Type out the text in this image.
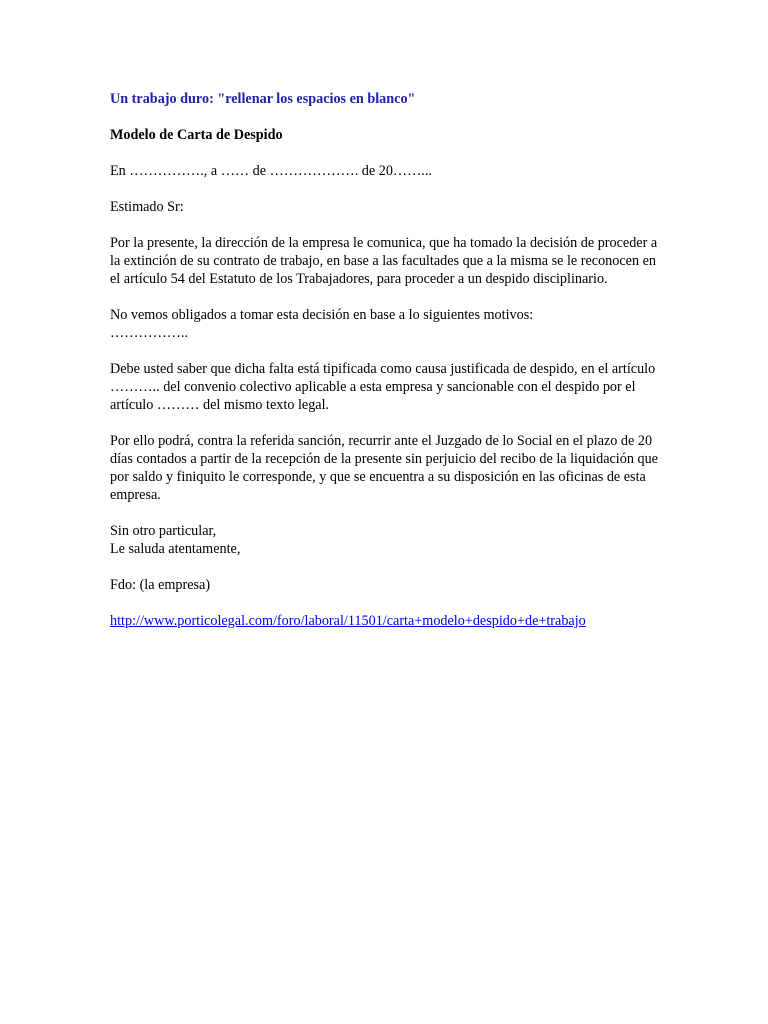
Un trabajo duro: "rellenar los espacios en blanco"

Modelo de Carta de Despido

En ……………., a …… de ………………. de 20……...

Estimado Sr:

Por la presente, la dirección de la empresa le comunica, que ha tomado la decisión de proceder a la extinción de su contrato de trabajo, en base a las facultades que a la misma se le reconocen en el artículo 54 del Estatuto de los Trabajadores, para proceder a un despido disciplinario.

No vemos obligados a tomar esta decisión en base a lo siguientes motivos:

……………..

Debe usted saber que dicha falta está tipificada como causa justificada de despido, en el artículo ……….. del convenio colectivo aplicable a esta empresa y sancionable con el despido por el artículo ……… del mismo texto legal.

Por ello podrá, contra la referida sanción, recurrir ante el Juzgado de lo Social en el plazo de 20 días contados a partir de la recepción de la presente sin perjuicio del recibo de la liquidación que por saldo y finiquito le corresponde, y que se encuentra a su disposición en las oficinas de esta empresa.

Sin otro particular,

Le saluda atentamente,

Fdo: (la empresa)

http://www.porticolegal.com/foro/laboral/11501/carta+modelo+despido+de+trabajo
